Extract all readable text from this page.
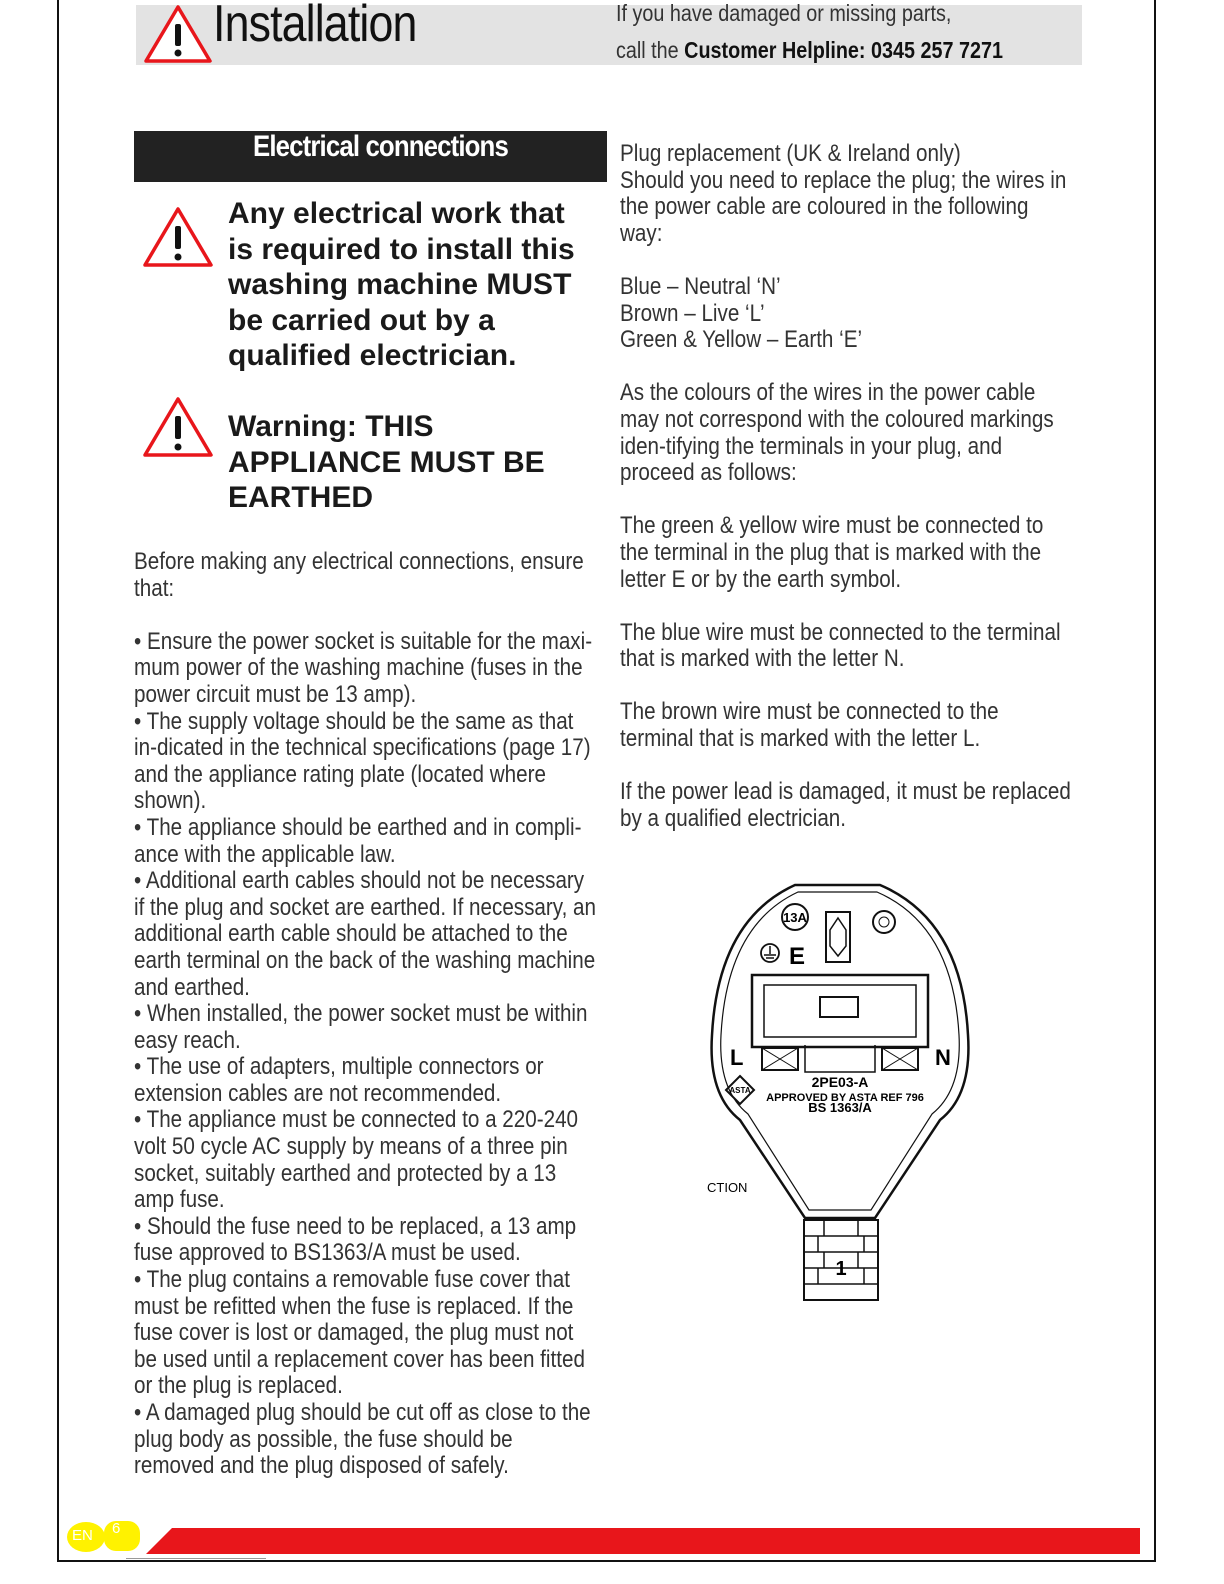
Installation	If you have damaged or missing parts,
call the Customer Helpline: 0345 257 7271
Electrical connections
Any electrical work that is required to install this washing machine MUST be carried out by a qualified electrician.
Warning: THIS APPLIANCE MUST BE EARTHED
Before making any electrical connections, ensure that:

• Ensure the power socket is suitable for the maxi-mum power of the washing machine (fuses in the power circuit must be 13 amp).
• The supply voltage should be the same as that in-dicated in the technical specifications (page 17) and the appliance rating plate (located where shown).
• The appliance should be earthed and in compli-ance with the applicable law.
• Additional earth cables should not be necessary if the plug and socket are earthed. If necessary, an additional earth cable should be attached to the earth terminal on the back of the washing machine and earthed.
• When installed, the power socket must be within easy reach.
• The use of adapters, multiple connectors or extension cables are not recommended.
• The appliance must be connected to a 220-240 volt 50 cycle AC supply by means of a three pin socket, suitably earthed and protected by a 13 amp fuse.
• Should the fuse need to be replaced, a 13 amp fuse approved to BS1363/A must be used.
• The plug contains a removable fuse cover that must be refitted when the fuse is replaced. If the fuse cover is lost or damaged, the plug must not be used until a replacement cover has been fitted or the plug is replaced.
• A damaged plug should be cut off as close to the plug body as possible, the fuse should be removed and the plug disposed of safely.
Plug replacement (UK & Ireland only)
Should you need to replace the plug; the wires in the power cable are coloured in the following way:

Blue – Neutral ‘N’
Brown – Live ‘L’
Green & Yellow – Earth ‘E’

As the colours of the wires in the power cable may not correspond with the coloured markings iden-tifying the terminals in your plug, and proceed as follows:

The green & yellow wire must be connected to the terminal in the plug that is marked with the letter E or by the earth symbol.

The blue wire must be connected to the terminal that is marked with the letter N.

The brown wire must be connected to the terminal that is marked with the letter L.

If the power lead is damaged, it must be replaced by a qualified electrician.
13A
E
L	N
ASTA
2PE03-A
APPROVED BY ASTA REF 796
BS 1363/A
CTION
1
EN 6
